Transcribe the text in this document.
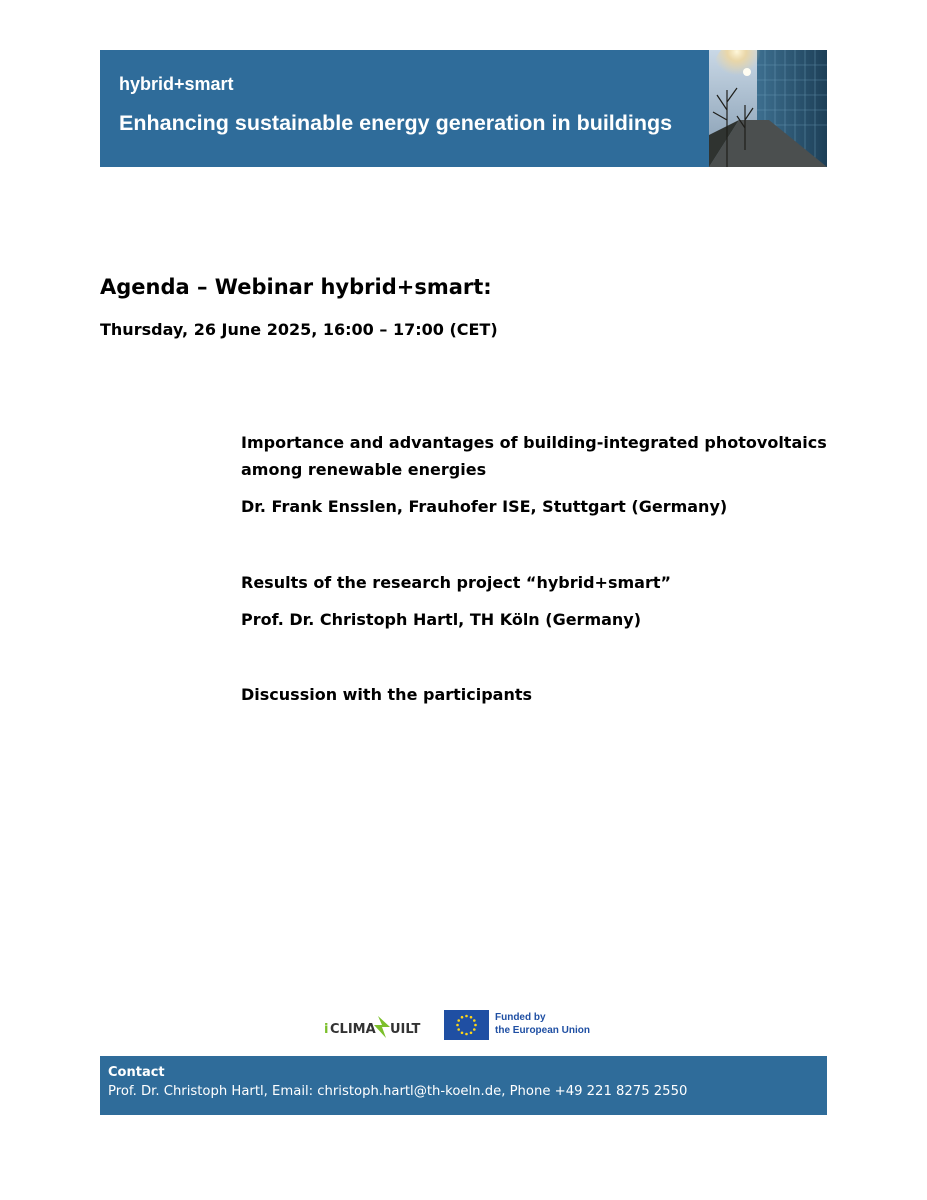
hybrid+smart
Enhancing sustainable energy generation in buildings
Agenda – Webinar hybrid+smart:
Thursday, 26 June 2025, 16:00 – 17:00 (CET)
Importance and advantages of building-integrated photovoltaics
among renewable energies
Dr. Frank Ensslen, Frauhofer ISE, Stuttgart (Germany)
Results of the research project “hybrid+smart”
Prof. Dr. Christoph Hartl, TH Köln (Germany)
Discussion with the participants
i CLIMA UILT
Funded by
the European Union
Contact
Prof. Dr. Christoph Hartl, Email: christoph.hartl@th-koeln.de, Phone +49 221 8275 2550
